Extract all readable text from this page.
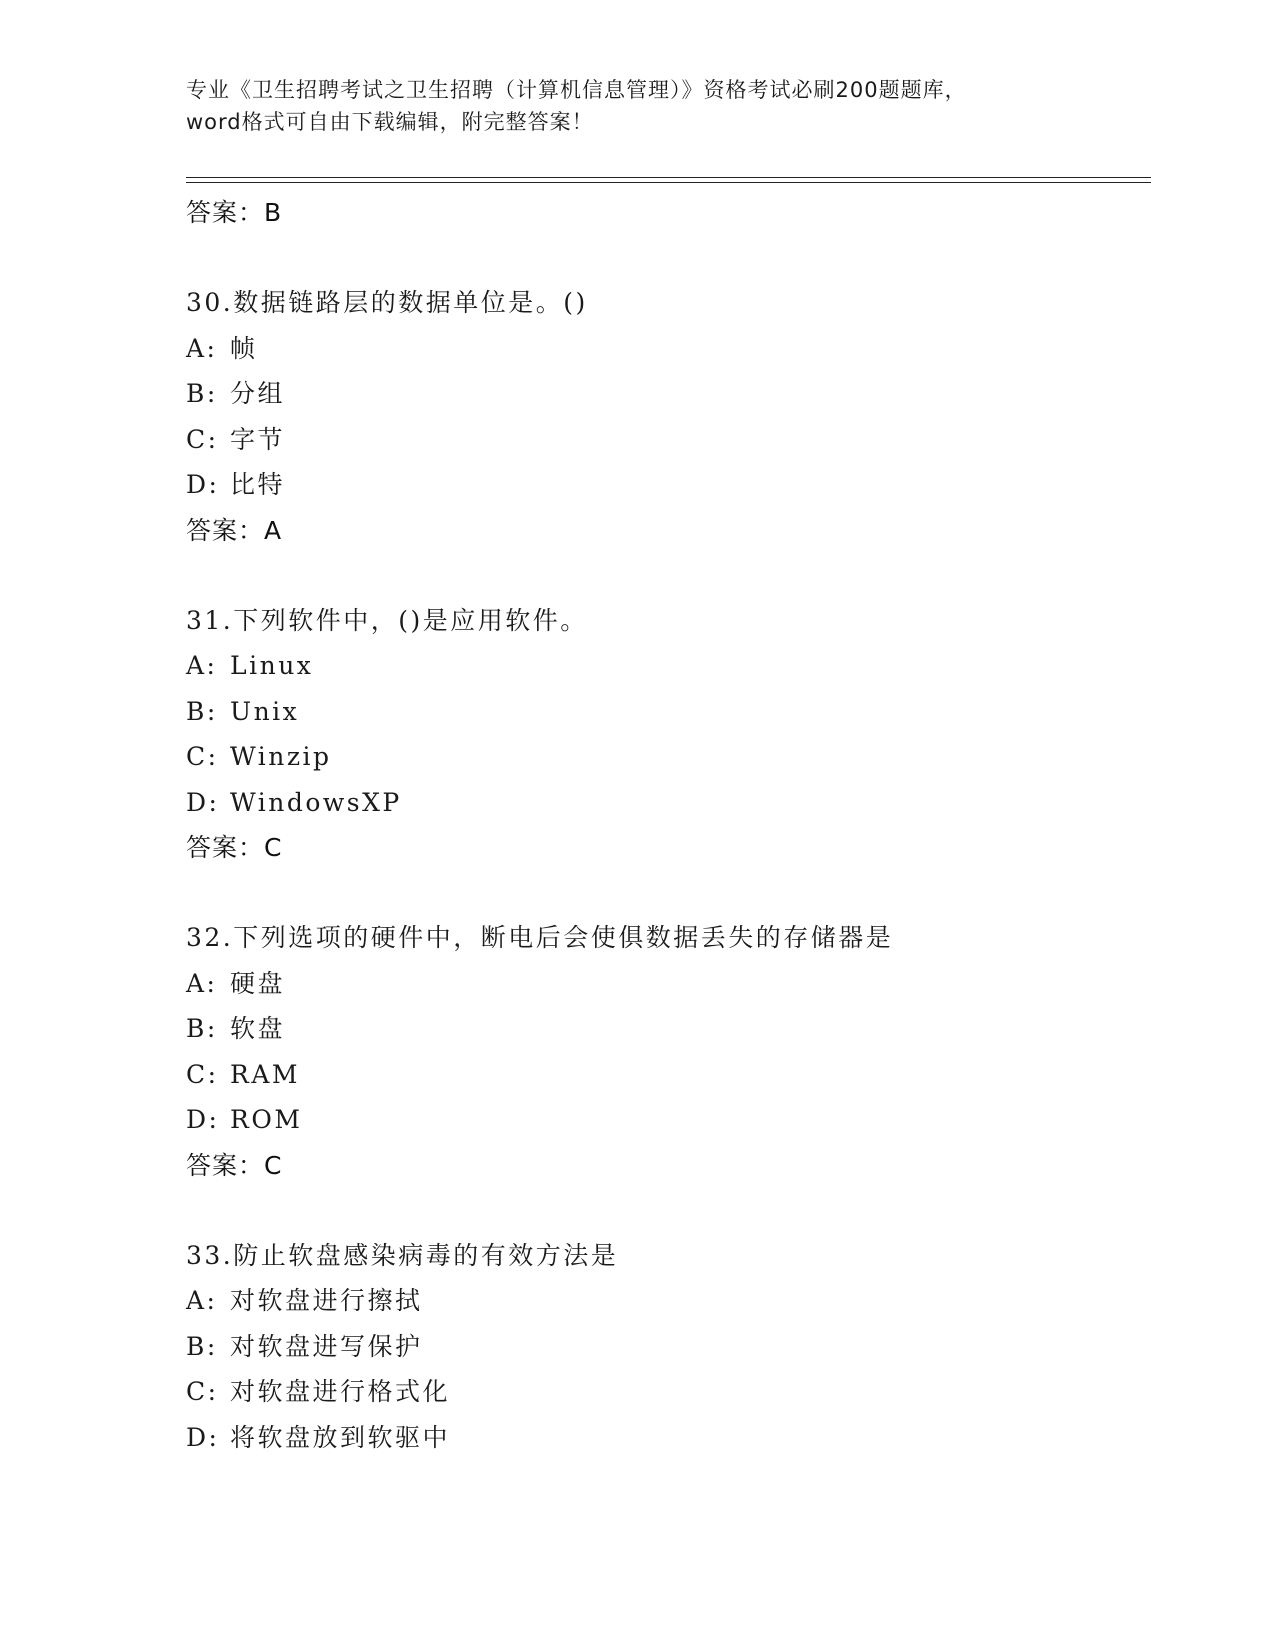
专业《卫生招聘考试之卫生招聘（计算机信息管理）》资格考试必刷200题题库，
word格式可自由下载编辑，附完整答案！
答案：B
30.数据链路层的数据单位是。()
A: 帧
B: 分组
C: 字节
D: 比特
答案：A
31.下列软件中，()是应用软件。
A: Linux
B: Unix
C: Winzip
D: WindowsXP
答案：C
32.下列选项的硬件中，断电后会使俱数据丢失的存储器是
A: 硬盘
B: 软盘
C: RAM
D: ROM
答案：C
33.防止软盘感染病毒的有效方法是
A: 对软盘进行擦拭
B: 对软盘进写保护
C: 对软盘进行格式化
D: 将软盘放到软驱中
